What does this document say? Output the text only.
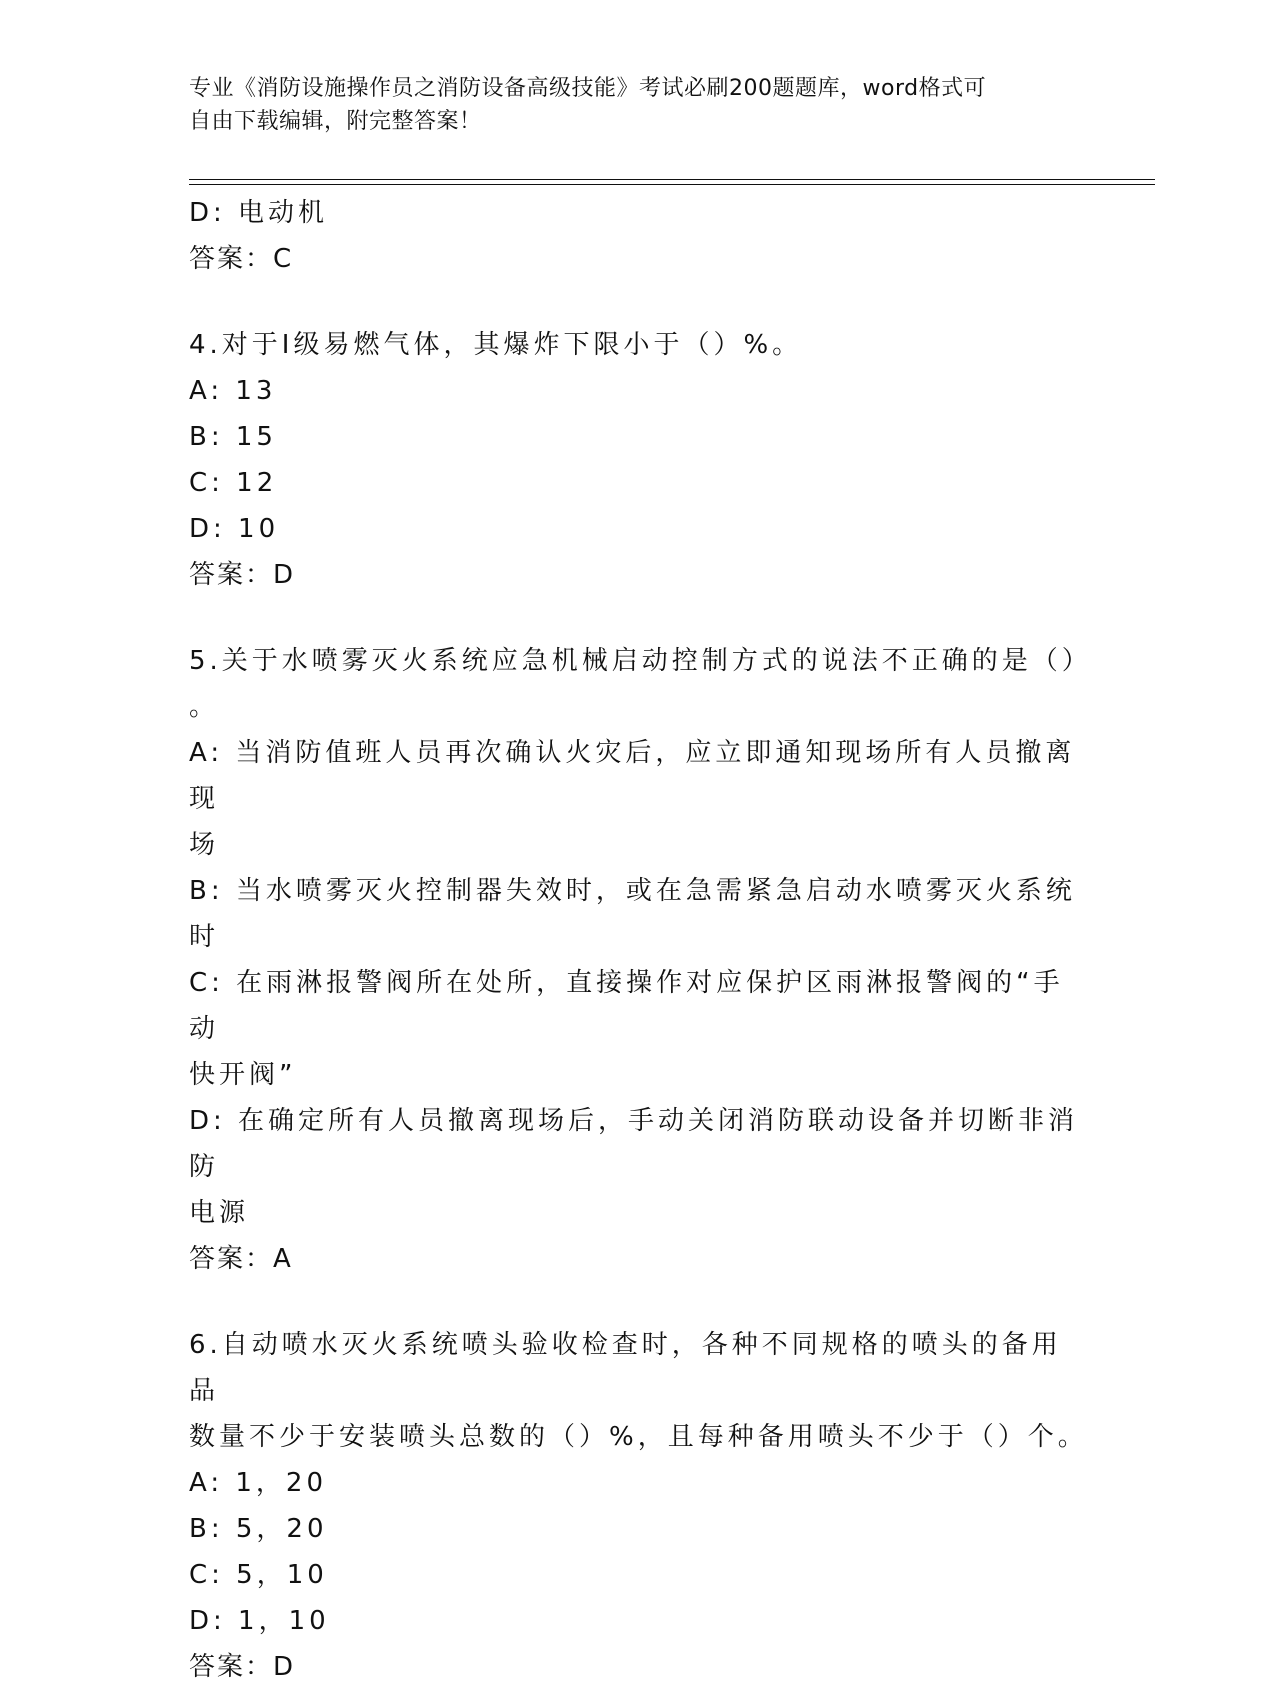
专业《消防设施操作员之消防设备高级技能》考试必刷200题题库，word格式可
自由下载编辑，附完整答案！
D: 电动机
答案：C
4.对于Ⅰ级易燃气体，其爆炸下限小于（）%。
A: 13
B: 15
C: 12
D: 10
答案：D
5.关于水喷雾灭火系统应急机械启动控制方式的说法不正确的是（）
。
A: 当消防值班人员再次确认火灾后，应立即通知现场所有人员撤离现
场
B: 当水喷雾灭火控制器失效时，或在急需紧急启动水喷雾灭火系统时
C: 在雨淋报警阀所在处所，直接操作对应保护区雨淋报警阀的“手动
快开阀”
D: 在确定所有人员撤离现场后，手动关闭消防联动设备并切断非消防
电源
答案：A
6.自动喷水灭火系统喷头验收检查时，各种不同规格的喷头的备用品
数量不少于安装喷头总数的（）%，且每种备用喷头不少于（）个。
A: 1，20
B: 5，20
C: 5，10
D: 1，10
答案：D
